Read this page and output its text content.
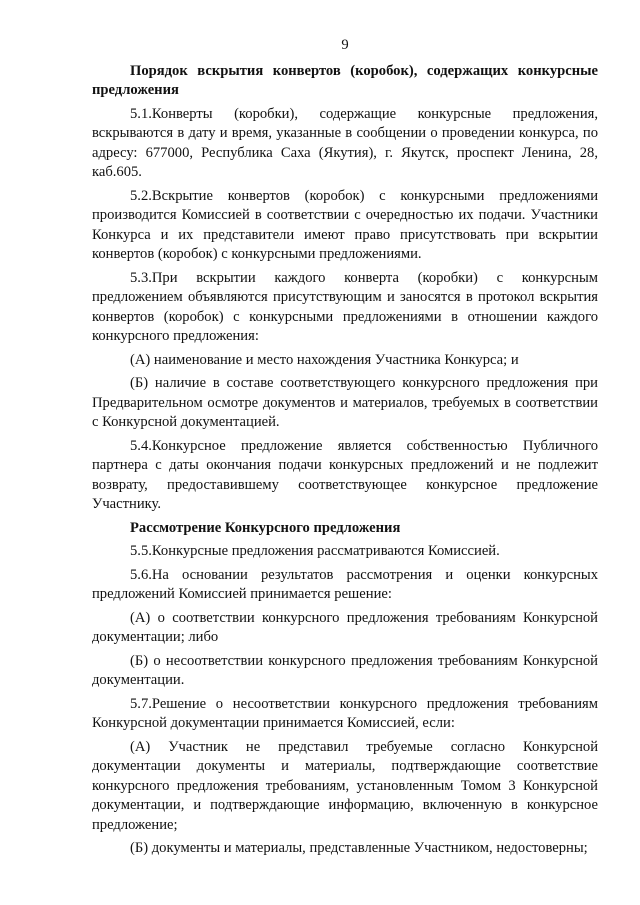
9
Порядок вскрытия конвертов (коробок), содержащих конкурсные предложения
5.1.Конверты (коробки), содержащие конкурсные предложения, вскрываются в дату и время, указанные в сообщении о проведении конкурса, по адресу: 677000, Республика Саха (Якутия), г. Якутск, проспект Ленина, 28, каб.605.
5.2.Вскрытие конвертов (коробок) с конкурсными предложениями производится Комиссией в соответствии с очередностью их подачи. Участники Конкурса и их представители имеют право присутствовать при вскрытии конвертов (коробок) с конкурсными предложениями.
5.3.При вскрытии каждого конверта (коробки) с конкурсным предложением объявляются присутствующим и заносятся в протокол вскрытия конвертов (коробок) с конкурсными предложениями в отношении каждого конкурсного предложения:
(А) наименование и место нахождения Участника Конкурса; и
(Б) наличие в составе соответствующего конкурсного предложения при Предварительном осмотре документов и материалов, требуемых в соответствии с Конкурсной документацией.
5.4.Конкурсное предложение является собственностью Публичного партнера с даты окончания подачи конкурсных предложений и не подлежит возврату, предоставившему соответствующее конкурсное предложение Участнику.
Рассмотрение Конкурсного предложения
5.5.Конкурсные предложения рассматриваются Комиссией.
5.6.На основании результатов рассмотрения и оценки конкурсных предложений Комиссией принимается решение:
(А) о соответствии конкурсного предложения требованиям Конкурсной документации; либо
(Б) о несоответствии конкурсного предложения требованиям Конкурсной документации.
5.7.Решение о несоответствии конкурсного предложения требованиям Конкурсной документации принимается Комиссией, если:
(А) Участник не представил требуемые согласно Конкурсной документации документы и материалы, подтверждающие соответствие конкурсного предложения требованиям, установленным Томом 3 Конкурсной документации, и подтверждающие информацию, включенную в конкурсное предложение;
(Б) документы и материалы, представленные Участником, недостоверны;
